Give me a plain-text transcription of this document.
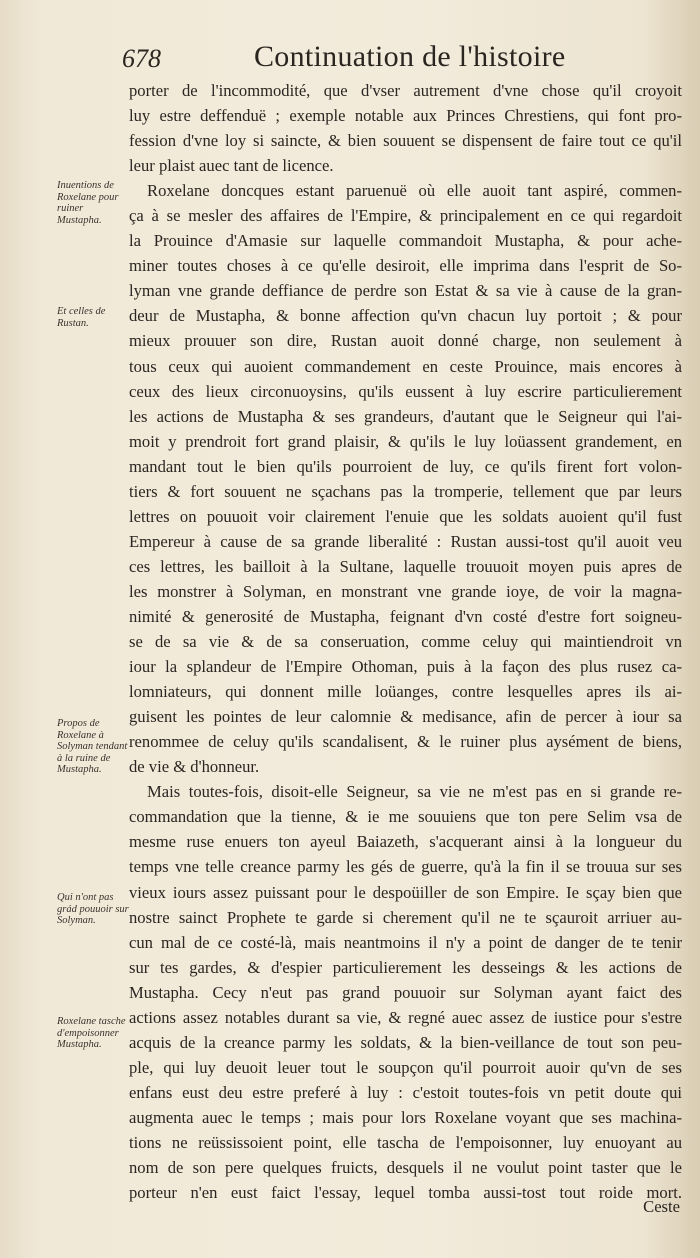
678	Continuation de l'histoire
porter de l'incommodité, que d'vser autrement d'vne chose qu'il croyoit
luy estre deffenduë ; exemple notable aux Princes Chrestiens, qui font pro-
fession d'vne loy si saincte, & bien souuent se dispensent de faire tout ce qu'il
leur plaist auec tant de licence.
Roxelane doncques estant paruenuë où elle auoit tant aspiré, commen-
ça à se mesler des affaires de l'Empire, & principalement en ce qui regardoit
la Prouince d'Amasie sur laquelle commandoit Mustapha, & pour ache-
miner toutes choses à ce qu'elle desiroit, elle imprima dans l'esprit de So-
lyman vne grande deffiance de perdre son Estat & sa vie à cause de la gran-
deur de Mustapha, & bonne affection qu'vn chacun luy portoit ; & pour
mieux prouuer son dire, Rustan auoit donné charge, non seulement à
tous ceux qui auoient commandement en ceste Prouince, mais encores à
ceux des lieux circonuoysins, qu'ils eussent à luy escrire particulierement
les actions de Mustapha & ses grandeurs, d'autant que le Seigneur qui l'ai-
moit y prendroit fort grand plaisir, & qu'ils le luy loüassent grandement, en
mandant tout le bien qu'ils pourroient de luy, ce qu'ils firent fort volon-
tiers & fort souuent ne sçachans pas la tromperie, tellement que par leurs
lettres on pouuoit voir clairement l'enuie que les soldats auoient qu'il fust
Empereur à cause de sa grande liberalité : Rustan aussi-tost qu'il auoit veu
ces lettres, les bailloit à la Sultane, laquelle trouuoit moyen puis apres de
les monstrer à Solyman, en monstrant vne grande ioye, de voir la magna-
nimité & generosité de Mustapha, feignant d'vn costé d'estre fort soigneu-
se de sa vie & de sa conseruation, comme celuy qui maintiendroit vn
iour la splandeur de l'Empire Othoman, puis à la façon des plus rusez ca-
lomniateurs, qui donnent mille loüanges, contre lesquelles apres ils ai-
guisent les pointes de leur calomnie & medisance, afin de percer à iour sa
renommee de celuy qu'ils scandalisent, & le ruiner plus aysément de biens,
de vie & d'honneur.
Mais toutes-fois, disoit-elle Seigneur, sa vie ne m'est pas en si grande re-
commandation que la tienne, & ie me souuiens que ton pere Selim vsa de
mesme ruse enuers ton ayeul Baiazeth, s'acquerant ainsi à la longueur du
temps vne telle creance parmy les gés de guerre, qu'à la fin il se trouua sur ses
vieux iours assez puissant pour le despoüiller de son Empire. Ie sçay bien que
nostre sainct Prophete te garde si cherement qu'il ne te sçauroit arriuer au-
cun mal de ce costé-là, mais neantmoins il n'y a point de danger de te tenir
sur tes gardes, & d'espier particulierement les desseings & les actions de
Mustapha. Cecy n'eut pas grand pouuoir sur Solyman ayant faict des
actions assez notables durant sa vie, & regné auec assez de iustice pour s'estre
acquis de la creance parmy les soldats, & la bien-veillance de tout son peu-
ple, qui luy deuoit leuer tout le soupçon qu'il pourroit auoir qu'vn de ses
enfans eust deu estre preferé à luy : c'estoit toutes-fois vn petit doute qui
augmenta auec le temps ; mais pour lors Roxelane voyant que ses machina-
tions ne reüssissoient point, elle taschа de l'empoisonner, luy enuoyant au
nom de son pere quelques fruicts, desquels il ne voulut point taster que le
porteur n'en eust faict l'essay, lequel tomba aussi-tost tout roide mort.
Inuentions de Roxelane pour ruiner Mustapha.
Et celles de Rustan.
Propos de Roxelane à Solyman tendant à la ruine de Mustapha.
Qui n'ont pas grád pouuoir sur Solyman.
Roxelane tasche d'empoisonner Mustapha.
Ceste
